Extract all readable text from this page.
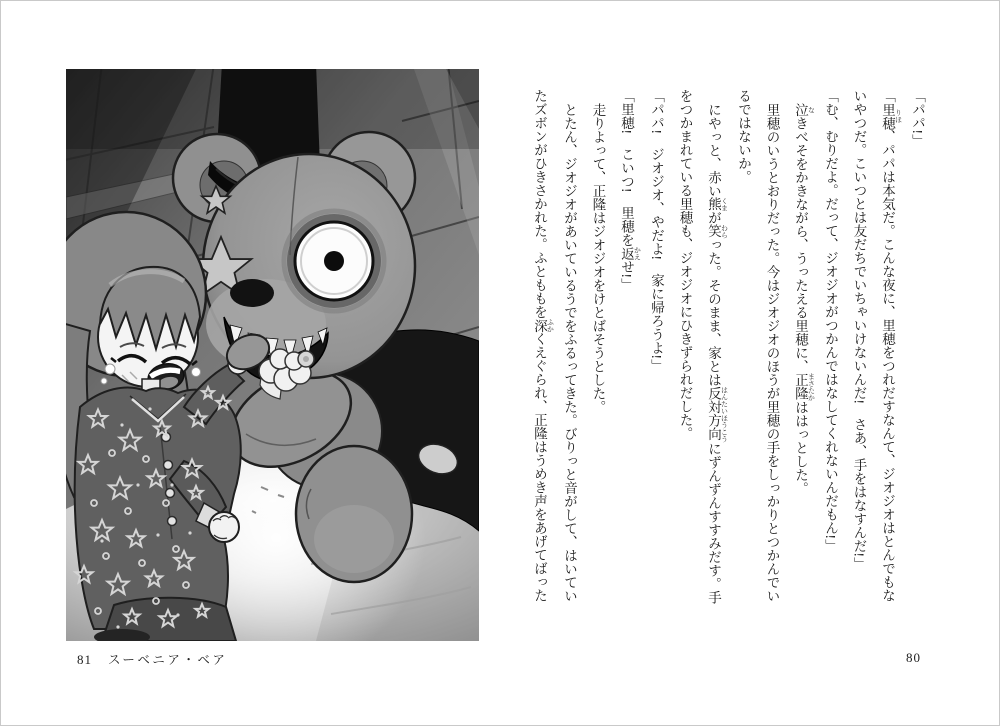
81 スーベニア・ベア

「パパ!」

「里穂 りほ、パパは本気だ。こんな夜に、里穂をつれだすなんて、ジオジオはとんでもな

いやつだ。こいつとは友だちでいちゃいけないんだ!　さあ、手をはなすんだ!」

「む、むりだよ。だって、ジオジオがつかんではなしてくれないんだもん!」

泣 なきべそをかきながら、うったえる里穂に、正隆 まさたかははっとした。

里穂のいうとおりだった。今はジオジオのほうが里穂の手をしっかりとつかんでい

るではないか。

にやっと、赤い熊 くまが笑 わらった。そのまま、家とは反対方向 はんたいほうこうにずんずんすすみだす。手

をつかまれている里穂も、ジオジオにひきずられだした。

「パパ!　ジオジオ、やだよ!　家に帰ろうよ!」

「里穂!　こいつ!　里穂を返 かえせ!」

走りよって、正隆はジオジオをけとばそうとした。

とたん、ジオジオがあいているうでをふるってきた。びりっと音がして、はいてい

たズボンがひきさかれた。ふとももを深 ふかくえぐられ、正隆はうめき声をあげてばった

80
